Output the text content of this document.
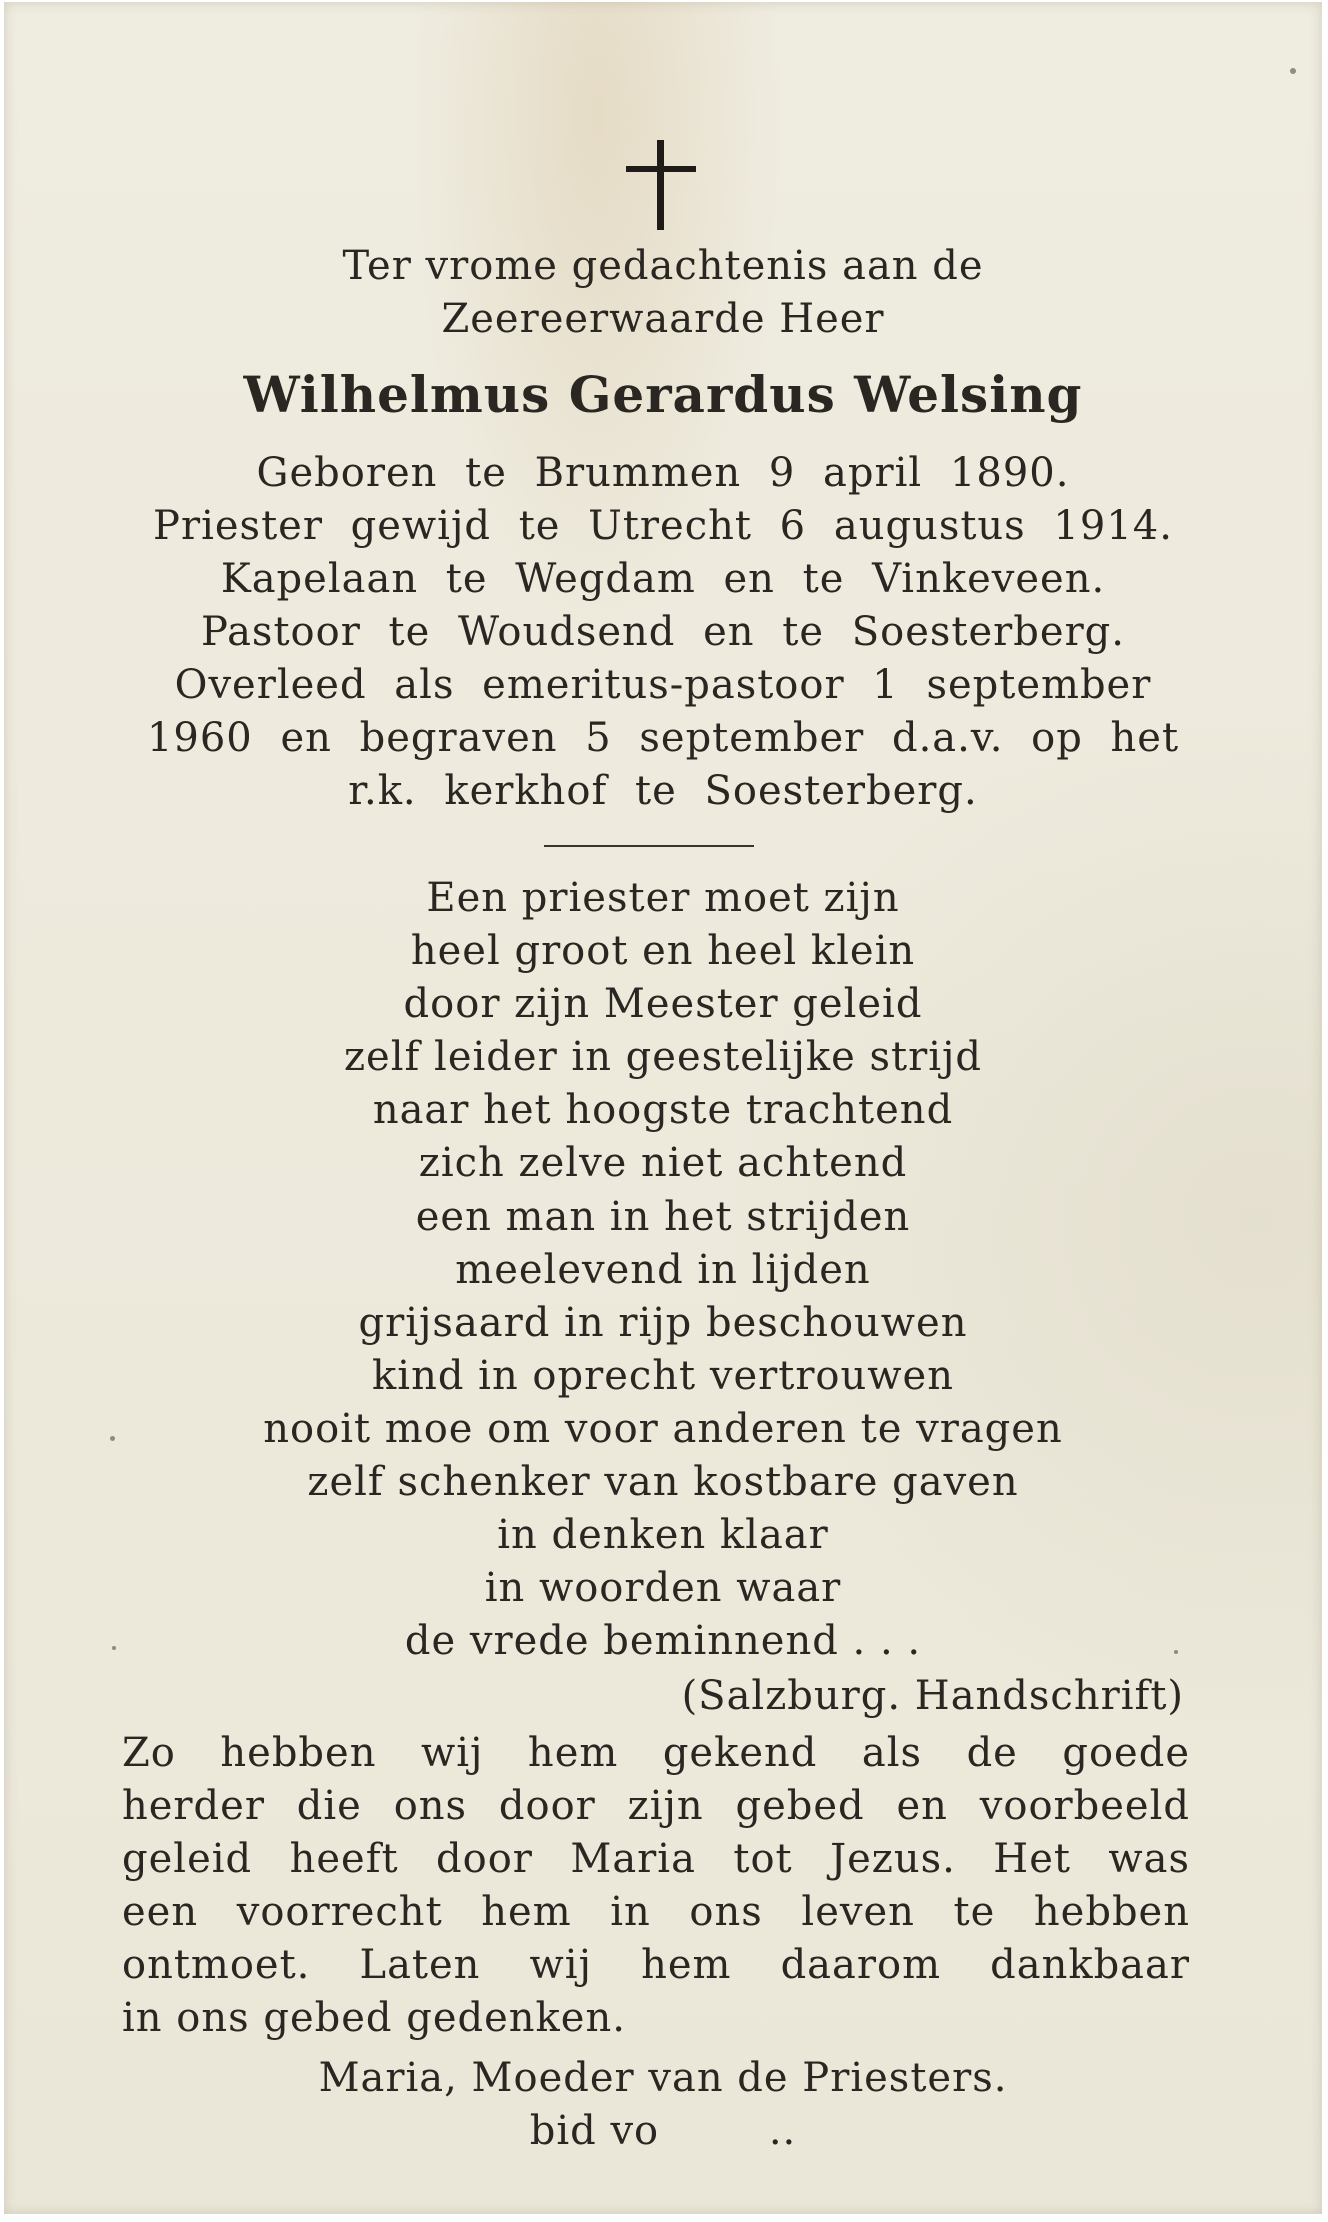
Ter vrome gedachtenis aan de
Zeereerwaarde Heer
Wilhelmus Gerardus Welsing
Geboren te Brummen 9 april 1890.
Priester gewijd te Utrecht 6 augustus 1914.
Kapelaan te Wegdam en te Vinkeveen.
Pastoor te Woudsend en te Soesterberg.
Overleed als emeritus-pastoor 1 september
1960 en begraven 5 september d.a.v. op het
r.k. kerkhof te Soesterberg.
Een priester moet zijn
heel groot en heel klein
door zijn Meester geleid
zelf leider in geestelijke strijd
naar het hoogste trachtend
zich zelve niet achtend
een man in het strijden
meelevend in lijden
grijsaard in rijp beschouwen
kind in oprecht vertrouwen
nooit moe om voor anderen te vragen
zelf schenker van kostbare gaven
in denken klaar
in woorden waar
de vrede beminnend . . .
(Salzburg. Handschrift)
Zo hebben wij hem gekend als de goede
herder die ons door zijn gebed en voorbeeld
geleid heeft door Maria tot Jezus. Het was
een voorrecht hem in ons leven te hebben
ontmoet. Laten wij hem daarom dankbaar
in ons gebed gedenken.
Maria, Moeder van de Priesters.
bid vo        ..
